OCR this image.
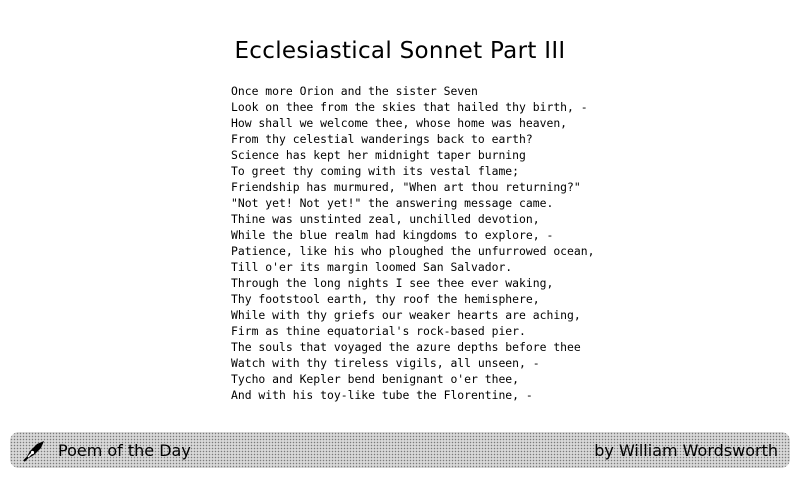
Ecclesiastical Sonnet Part III
Once more Orion and the sister Seven
Look on thee from the skies that hailed thy birth, -
How shall we welcome thee, whose home was heaven,
From thy celestial wanderings back to earth?
Science has kept her midnight taper burning
To greet thy coming with its vestal flame;
Friendship has murmured, "When art thou returning?"
"Not yet! Not yet!" the answering message came.
Thine was unstinted zeal, unchilled devotion,
While the blue realm had kingdoms to explore, -
Patience, like his who ploughed the unfurrowed ocean,
Till o'er its margin loomed San Salvador.
Through the long nights I see thee ever waking,
Thy footstool earth, thy roof the hemisphere,
While with thy griefs our weaker hearts are aching,
Firm as thine equatorial's rock-based pier.
The souls that voyaged the azure depths before thee
Watch with thy tireless vigils, all unseen, -
Tycho and Kepler bend benignant o'er thee,
And with his toy-like tube the Florentine, -
Poem of the Day	by William Wordsworth
